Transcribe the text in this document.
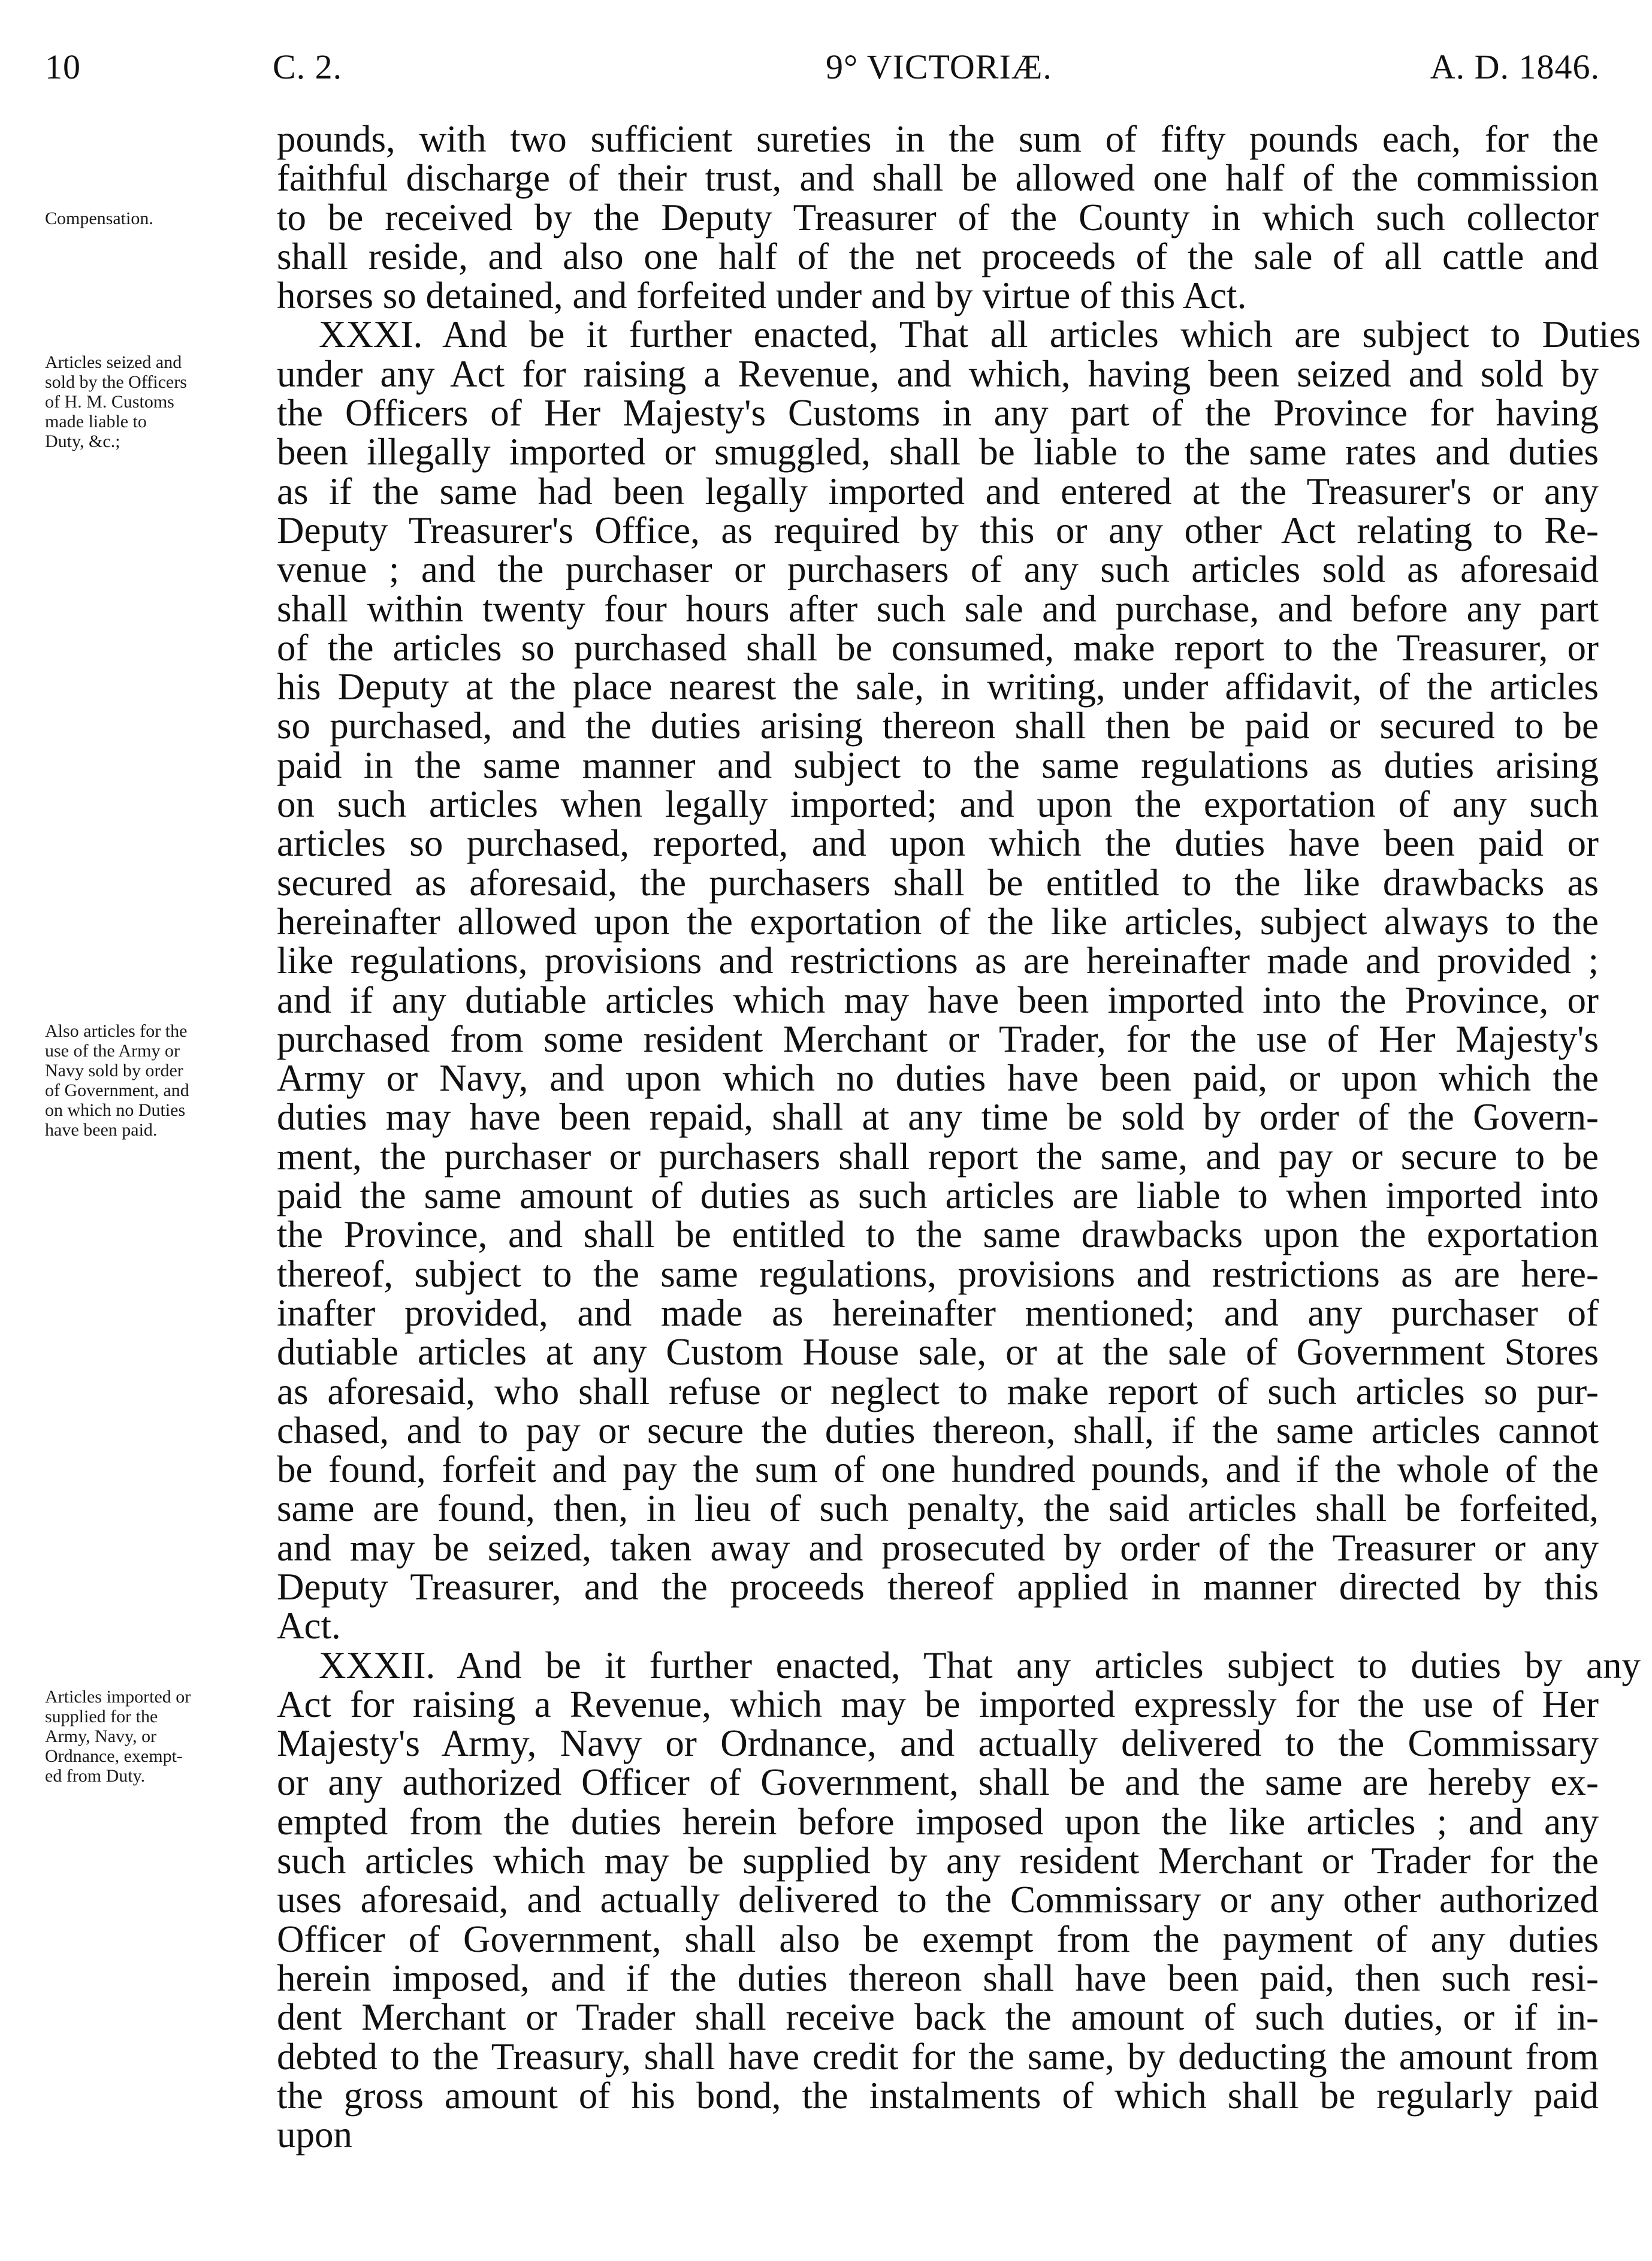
10	C. 2.	9° VICTORIÆ.	A. D. 1846.
Compensation.
Articles seized and
sold by the Officers
of H. M. Customs
made liable to
Duty, &c.;
Also articles for the
use of the Army or
Navy sold by order
of Government, and
on which no Duties
have been paid.
Articles imported or
supplied for the
Army, Navy, or
Ordnance, exempt-
ed from Duty.
pounds, with two sufficient sureties in the sum of fifty pounds each, for the
faithful discharge of their trust, and shall be allowed one half of the commission
to be received by the Deputy Treasurer of the County in which such collector
shall reside, and also one half of the net proceeds of the sale of all cattle and
horses so detained, and forfeited under and by virtue of this Act.
XXXI. And be it further enacted, That all articles which are subject to Duties
under any Act for raising a Revenue, and which, having been seized and sold by
the Officers of Her Majesty's Customs in any part of the Province for having
been illegally imported or smuggled, shall be liable to the same rates and duties
as if the same had been legally imported and entered at the Treasurer's or any
Deputy Treasurer's Office, as required by this or any other Act relating to Re-
venue ; and the purchaser or purchasers of any such articles sold as aforesaid
shall within twenty four hours after such sale and purchase, and before any part
of the articles so purchased shall be consumed, make report to the Treasurer, or
his Deputy at the place nearest the sale, in writing, under affidavit, of the articles
so purchased, and the duties arising thereon shall then be paid or secured to be
paid in the same manner and subject to the same regulations as duties arising
on such articles when legally imported; and upon the exportation of any such
articles so purchased, reported, and upon which the duties have been paid or
secured as aforesaid, the purchasers shall be entitled to the like drawbacks as
hereinafter allowed upon the exportation of the like articles, subject always to the
like regulations, provisions and restrictions as are hereinafter made and provided ;
and if any dutiable articles which may have been imported into the Province, or
purchased from some resident Merchant or Trader, for the use of Her Majesty's
Army or Navy, and upon which no duties have been paid, or upon which the
duties may have been repaid, shall at any time be sold by order of the Govern-
ment, the purchaser or purchasers shall report the same, and pay or secure to be
paid the same amount of duties as such articles are liable to when imported into
the Province, and shall be entitled to the same drawbacks upon the exportation
thereof, subject to the same regulations, provisions and restrictions as are here-
inafter provided, and made as hereinafter mentioned; and any purchaser of
dutiable articles at any Custom House sale, or at the sale of Government Stores
as aforesaid, who shall refuse or neglect to make report of such articles so pur-
chased, and to pay or secure the duties thereon, shall, if the same articles cannot
be found, forfeit and pay the sum of one hundred pounds, and if the whole of the
same are found, then, in lieu of such penalty, the said articles shall be forfeited,
and may be seized, taken away and prosecuted by order of the Treasurer or any
Deputy Treasurer, and the proceeds thereof applied in manner directed by this
Act.
XXXII. And be it further enacted, That any articles subject to duties by any
Act for raising a Revenue, which may be imported expressly for the use of Her
Majesty's Army, Navy or Ordnance, and actually delivered to the Commissary
or any authorized Officer of Government, shall be and the same are hereby ex-
empted from the duties herein before imposed upon the like articles ; and any
such articles which may be supplied by any resident Merchant or Trader for the
uses aforesaid, and actually delivered to the Commissary or any other authorized
Officer of Government, shall also be exempt from the payment of any duties
herein imposed, and if the duties thereon shall have been paid, then such resi-
dent Merchant or Trader shall receive back the amount of such duties, or if in-
debted to the Treasury, shall have credit for the same, by deducting the amount from
the gross amount of his bond, the instalments of which shall be regularly paid
upon
